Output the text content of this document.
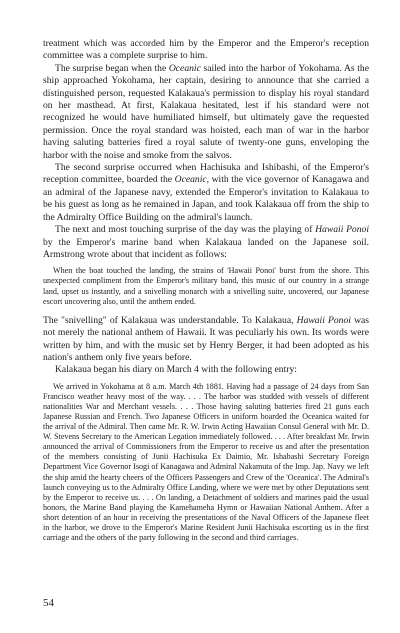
treatment which was accorded him by the Emperor and the Emperor's reception committee was a complete surprise to him.

The surprise began when the Oceanic sailed into the harbor of Yokohama. As the ship approached Yokohama, her captain, desiring to announce that she carried a distinguished person, requested Kalakaua's permission to display his royal standard on her masthead. At first, Kalakaua hesitated, lest if his standard were not recognized he would have humiliated himself, but ultimately gave the requested permission. Once the royal standard was hoisted, each man of war in the harbor having saluting batteries fired a royal salute of twenty-one guns, enveloping the harbor with the noise and smoke from the salvos.

The second surprise occurred when Hachisuka and Ishibashi, of the Emperor's reception committee, boarded the Oceanic, with the vice governor of Kanagawa and an admiral of the Japanese navy, extended the Emperor's invitation to Kalakaua to be his guest as long as he remained in Japan, and took Kalakaua off from the ship to the Admiralty Office Building on the admiral's launch.

The next and most touching surprise of the day was the playing of Hawaii Ponoi by the Emperor's marine band when Kalakaua landed on the Japanese soil. Armstrong wrote about that incident as follows:

When the boat touched the landing, the strains of 'Hawaii Ponoi' burst from the shore. This unexpected compliment from the Emperor's military band, this music of our country in a strange land, upset us instantly, and a snivelling monarch with a snivelling suite, uncovered, our Japanese escort uncovering also, until the anthem ended.

The "snivelling" of Kalakaua was understandable. To Kalakaua, Hawaii Ponoi was not merely the national anthem of Hawaii. It was peculiarly his own. Its words were written by him, and with the music set by Henry Berger, it had been adopted as his nation's anthem only five years before.

Kalakaua began his diary on March 4 with the following entry:

We arrived in Yokohama at 8 a.m. March 4th 1881. Having had a passage of 24 days from San Francisco weather heavy most of the way. . . . The harbor was studded with vessels of different nationalities War and Merchant vessels. . . . Those having saluting batteries fired 21 guns each Japanese Russian and French. Two Japanese Officers in uniform boarded the Oceanica waited for the arrival of the Admiral. Then came Mr. R. W. Irwin Acting Hawaiian Consul General with Mr. D. W. Stevens Secretary to the American Legation immediately followed. . . . After breakfast Mr. Irwin announced the arrival of Commissioners from the Emperor to receive us and after the presentation of the members consisting of Junii Hachisuka Ex Daimio, Mr. Ishabashi Secretary Foreign Department Vice Governor Isogi of Kanagawa and Admiral Nakamuta of the Imp. Jap. Navy we left the ship amid the hearty cheers of the Officers Passengers and Crew of the 'Oceanica'. The Admiral's launch conveying us to the Admiralty Office Landing, where we were met by other Deputations sent by the Emperor to receive us. . . . On landing, a Detachment of soldiers and marines paid the usual honors, the Marine Band playing the Kamehameha Hymn or Hawaiian National Anthem. After a short detention of an hour in receiving the presentations of the Naval Officers of the Japanese fleet in the harbor, we drove to the Emperor's Marine Resident Junii Hachisuka escorting us in the first carriage and the others of the party following in the second and third carriages.

54
